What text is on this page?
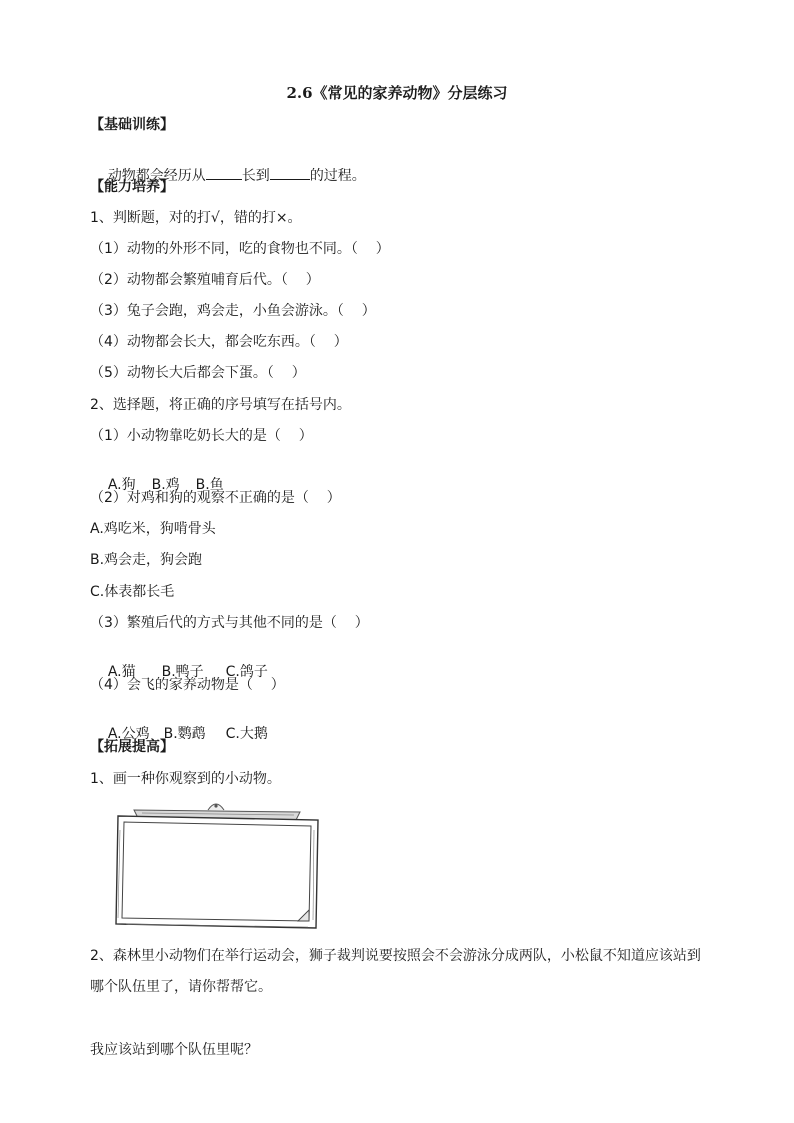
2.6《常见的家养动物》分层练习
【基础训练】

动物都会经历从	长到	的过程。

【能力培养】
1、判断题，对的打√，错的打×。
（1）动物的外形不同，吃的食物也不同。（    ）
（2）动物都会繁殖哺育后代。（    ）
（3）兔子会跑，鸡会走，小鱼会游泳。（    ）
（4）动物都会长大，都会吃东西。（    ）
（5）动物长大后都会下蛋。（    ）
2、选择题，将正确的序号填写在括号内。
（1）小动物靠吃奶长大的是（    ）

A.狗 B.鸡 B.鱼

（2）对鸡和狗的观察不正确的是（    ）
A.鸡吃米，狗啃骨头
B.鸡会走，狗会跑
C.体表都长毛
（3）繁殖后代的方式与其他不同的是（    ）

A.猫 B.鸭子 C.鸽子

（4）会飞的家养动物是（    ）

A.公鸡 B.鹦鹉 C.大鹅

【拓展提高】
1、画一种你观察到的小动物。
2、森林里小动物们在举行运动会，狮子裁判说要按照会不会游泳分成两队，小松鼠不知道应该站到
哪个队伍里了，请你帮帮它。
我应该站到哪个队伍里呢？
